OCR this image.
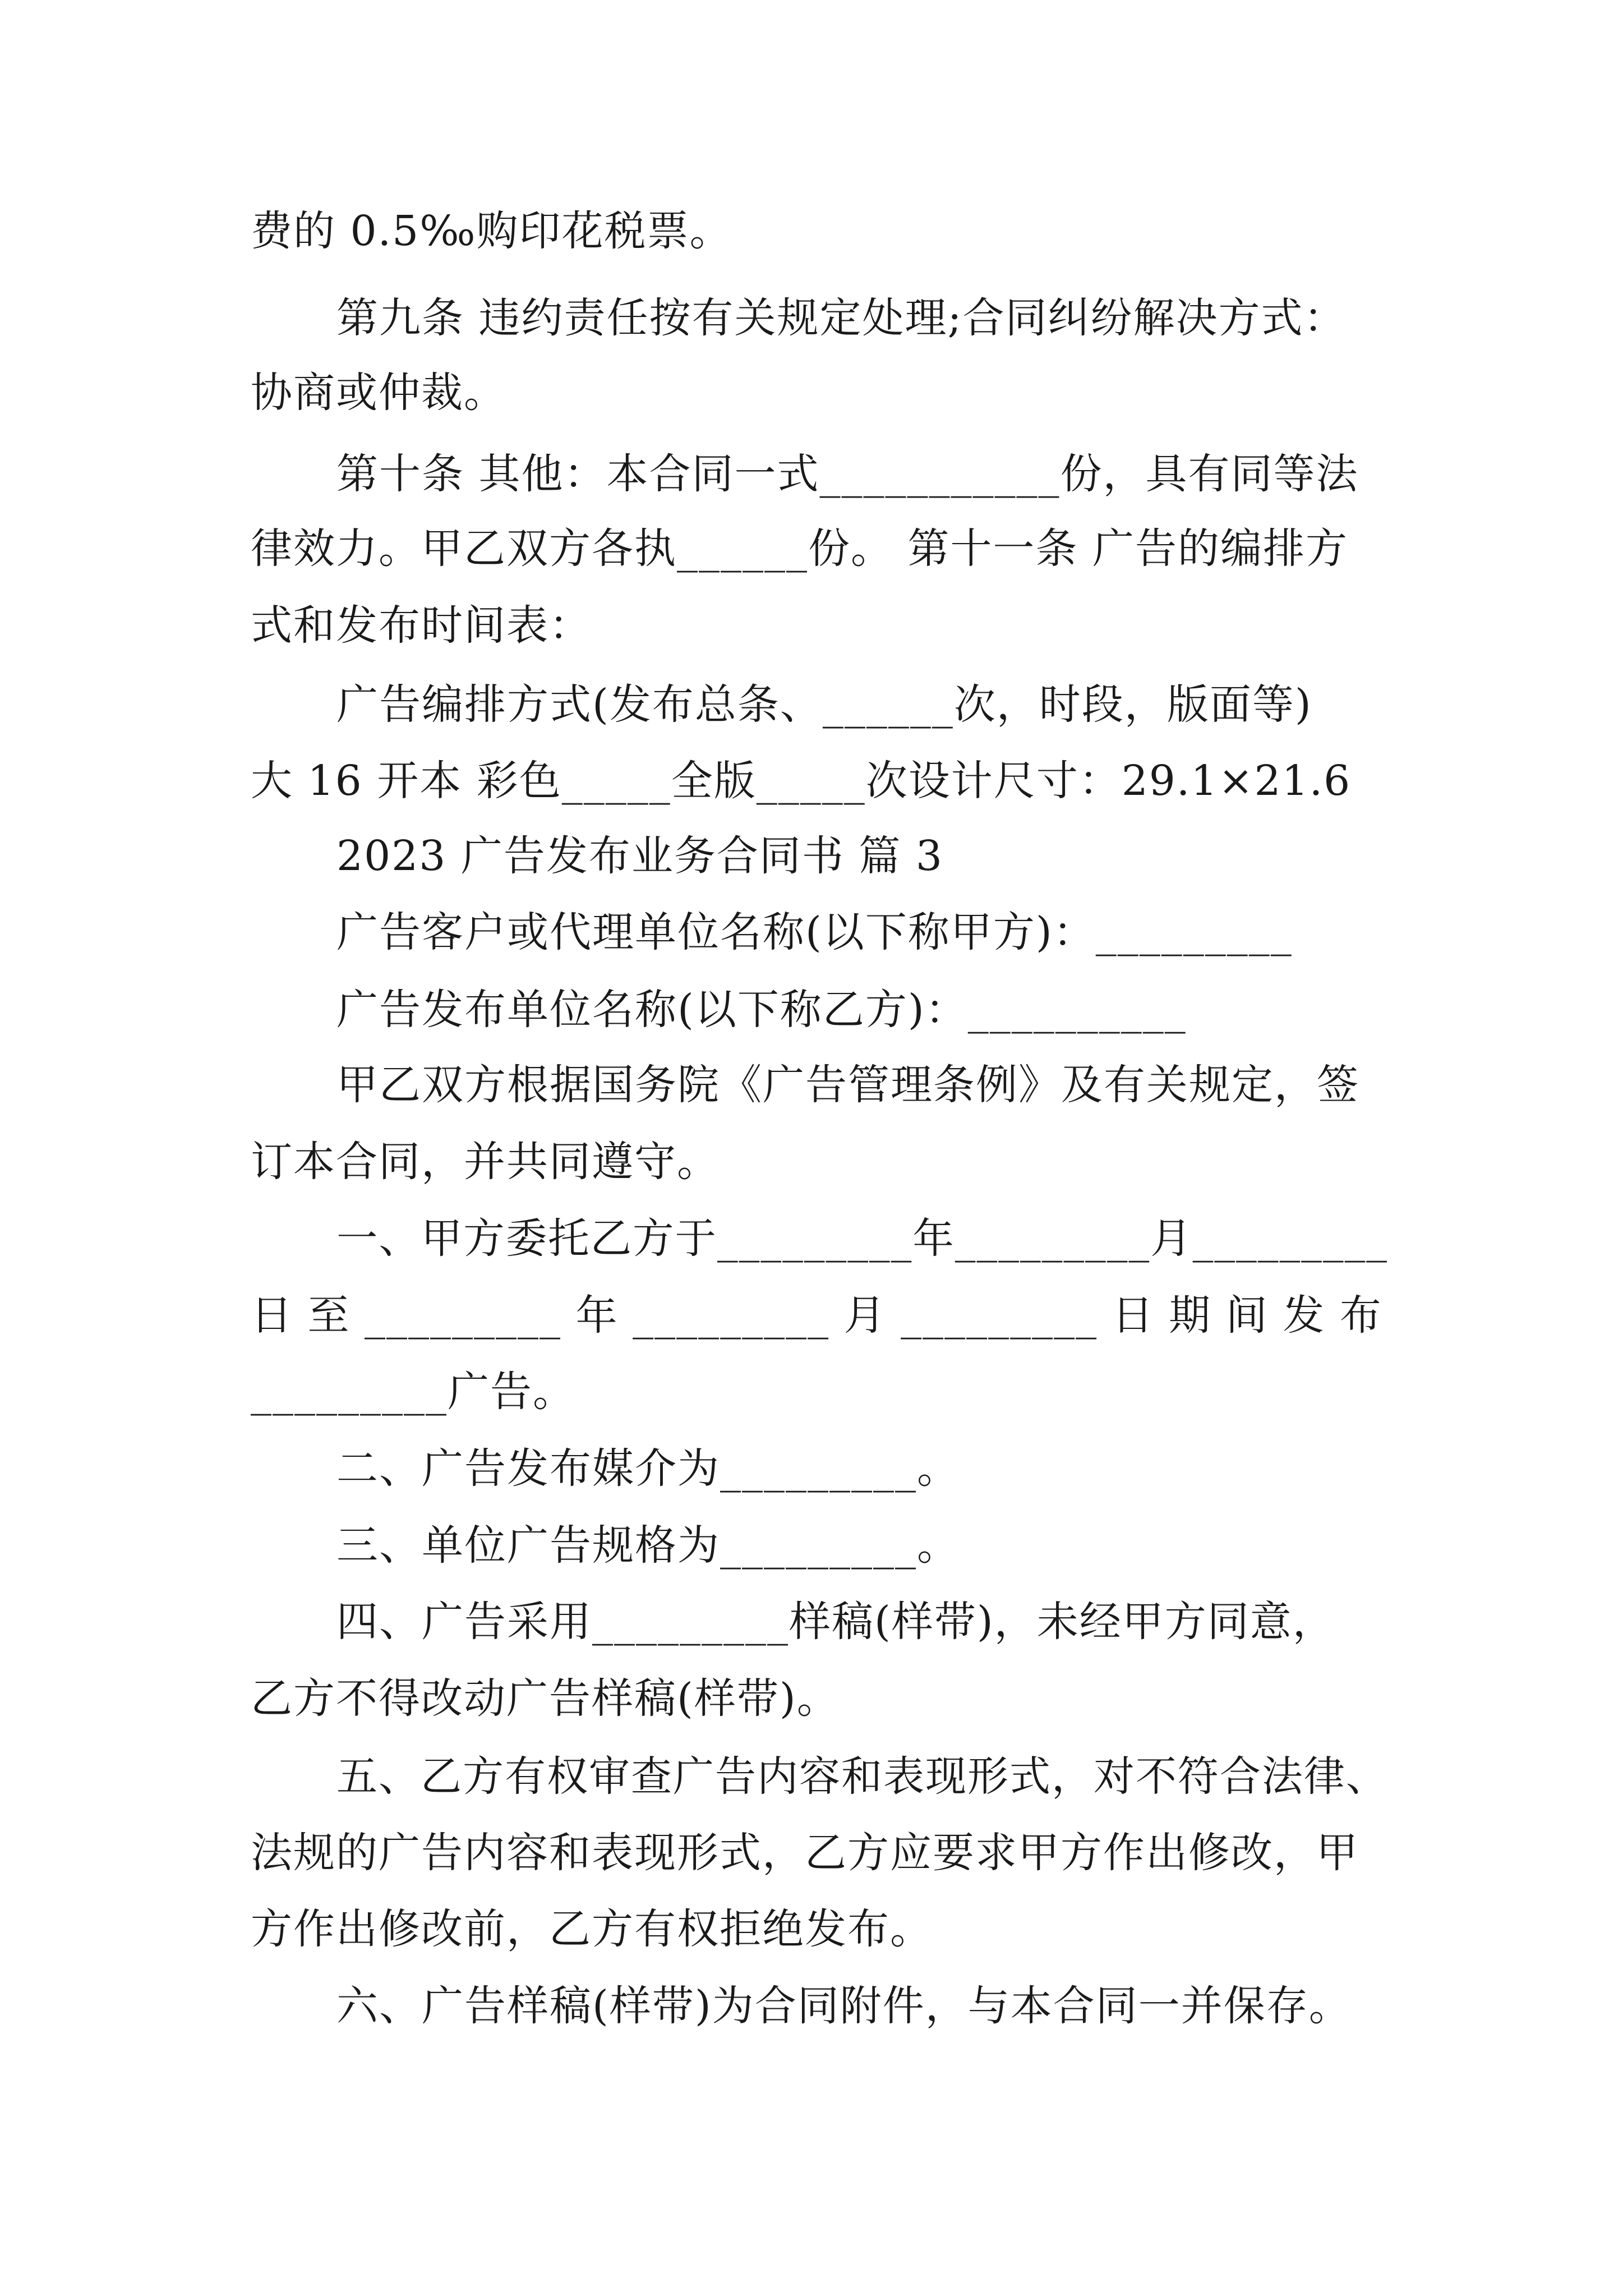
费的 0.5‰购印花税票。
第九条 违约责任按有关规定处理;合同纠纷解决方式：
协商或仲裁。
第十条 其他：本合同一式___________份，具有同等法
律效力。甲乙双方各执______份。 第十一条 广告的编排方
式和发布时间表：
广告编排方式(发布总条、______次，时段，版面等)
大 16 开本 彩色_____全版_____次设计尺寸：29.1×21.6
2023 广告发布业务合同书 篇 3
广告客户或代理单位名称(以下称甲方)：_________
广告发布单位名称(以下称乙方)：__________
甲乙双方根据国务院《广告管理条例》及有关规定，签
订本合同，并共同遵守。
一、甲方委托乙方于_________年_________月_________
日 至 _________ 年 _________ 月 _________ 日 期 间 发 布
_________广告。
二、广告发布媒介为_________。
三、单位广告规格为_________。
四、广告采用_________样稿(样带)，未经甲方同意，
乙方不得改动广告样稿(样带)。
五、乙方有权审查广告内容和表现形式，对不符合法律、
法规的广告内容和表现形式，乙方应要求甲方作出修改，甲
方作出修改前，乙方有权拒绝发布。
六、广告样稿(样带)为合同附件，与本合同一并保存。
